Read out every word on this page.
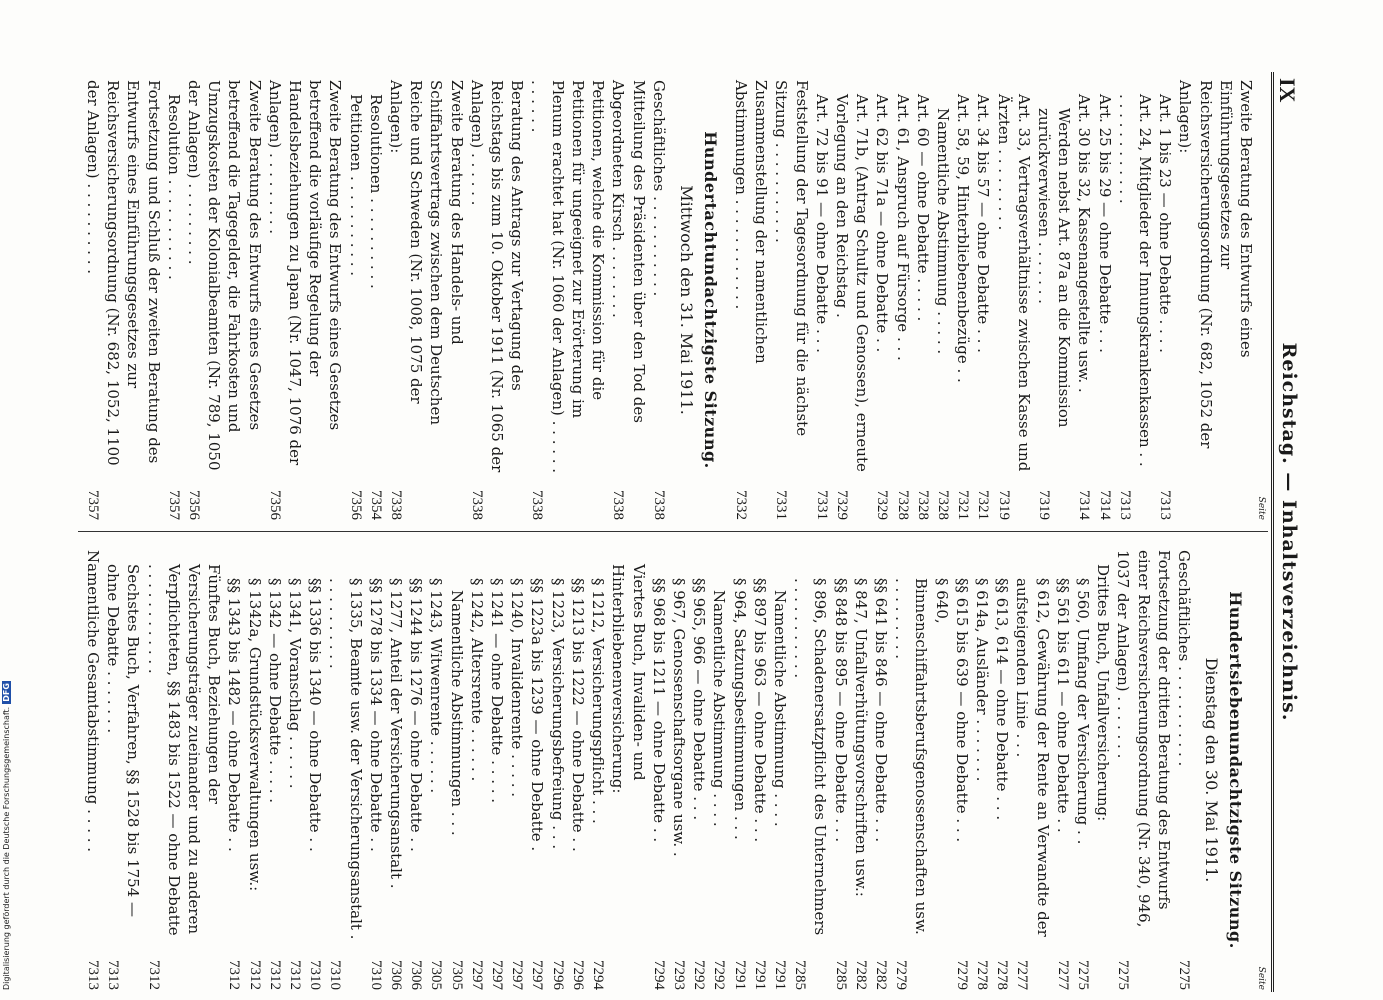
IX
Reichstag. — Inhaltsverzeichnis.
Seite
Zweite Beratung des Entwurfs eines Einführungsgesetzes zur Reichsversicherungsordnung (Nr. 682, 1052 der Anlagen):
Art. 1 bis 23 — ohne Debatte . . . .
7313
Art. 24, Mitglieder der Innungskrankenkassen . . . . . . . . . . . . . .
7313
Art. 25 bis 29 — ohne Debatte . . .
7314
Art. 30 bis 32, Kassenangestellte usw. .
7314
Werden nebst Art. 87a an die Kommission zurückverwiesen . . . . . . .
7319
Art. 33, Vertragsverhältnisse zwischen Kasse und Ärzten . . . . . . . . .
7319
Art. 34 bis 57 — ohne Debatte . . .
7321
Art. 58, 59, Hinterbliebenenbezüge . .
7321
Namentliche Abstimmung . . . . .
7328
Art. 60 — ohne Debatte . . . . .
7328
Art. 61, Anspruch auf Fürsorge . . .
7328
Art. 62 bis 71a — ohne Debatte . .
7329
Art. 71b, (Antrag Schultz und Genossen), erneute Vorlegung an den Reichstag .
7329
Art. 72 bis 91 — ohne Debatte . . .
7331
Feststellung der Tagesordnung für die nächste Sitzung . . . . . . . . . . .
7331
Zusammenstellung der namentlichen Abstimmungen . . . . . . . . . . . .
7332
Hundertachtundachtzigste Sitzung.
Mittwoch den 31. Mai 1911.
Geschäftliches . . . . . . . . . . .
7338
Mitteilung des Präsidenten über den Tod des Abgeordneten Kirsch . . . . . . . .
7338
Petitionen, welche die Kommission für die Petitionen für ungeeignet zur Erörterung im Plenum erachtet hat (Nr. 1060 der Anlagen) . . . . . . . . . . . .
7338
Beratung des Antrags zur Vertagung des Reichstags bis zum 10. Oktober 1911 (Nr. 1065 der Anlagen) . . . . . .
7338
Zweite Beratung des Handels- und Schiffahrtsvertrags zwischen dem Deutschen Reiche und Schweden (Nr. 1008, 1075 der Anlagen):
7338
Resolutionen . . . . . . . . . .
7354
Petitionen . . . . . . . . . . .
7356
Zweite Beratung des Entwurfs eines Gesetzes betreffend die vorläufige Regelung der Handelsbeziehungen zu Japan (Nr. 1047, 1076 der Anlagen) . . . . . . . . .
7356
Zweite Beratung des Entwurfs eines Gesetzes betreffend die Tagegelder, die Fahrkosten und Umzugskosten der Kolonialbeamten (Nr. 789, 1050 der Anlagen) . . . . . . . . .
7356
Resolution . . . . . . . . . . .
7357
Fortsetzung und Schluß der zweiten Beratung des Entwurfs eines Einführungsgesetzes zur Reichsversicherungsordnung (Nr. 682, 1052, 1100 der Anlagen) . . . . . . . . . .
7357
Seite
Hundertsiebenundachtzigste Sitzung.
Dienstag den 30. Mai 1911.
Geschäftliches . . . . . . . . . . .
7275
Fortsetzung der dritten Beratung des Entwurfs einer Reichsversicherungsordnung (Nr. 340, 946, 1037 der Anlagen) . . . . . . .
7275
Drittes Buch, Unfallversicherung:
§ 560, Umfang der Versicherung . .
7275
§§ 561 bis 611 — ohne Debatte . .
7277
§ 612, Gewährung der Rente an Verwandte der aufsteigenden Linie . . .
7277
§§ 613, 614 — ohne Debatte . . .
7278
§ 614a, Ausländer . . . . . . .
7278
§§ 615 bis 639 — ohne Debatte . . .
7279
§ 640, Binnenschiffahrtsberufsgenossenschaften usw. . . . . . . . . .
7279
§§ 641 bis 846 — ohne Debatte . . .
7282
§ 847, Unfallverhütungsvorschriften usw.:
7282
§§ 848 bis 895 — ohne Debatte . . .
7285
§ 896, Schadenersatzpflicht des Unternehmers . . . . . . . . . . .
7285
Namentliche Abstimmung . . . .
7291
§§ 897 bis 963 — ohne Debatte . . .
7291
§ 964, Satzungsbestimmungen . . .
7291
Namentliche Abstimmung . . . .
7292
§§ 965, 966 — ohne Debatte . . .
7292
§ 967, Genossenschaftsorgane usw. .
7293
§§ 968 bis 1211 — ohne Debatte . .
7294
Viertes Buch, Invaliden- und Hinterbliebenenversicherung:
§ 1212, Versicherungspflicht . . .
7294
§§ 1213 bis 1222 — ohne Debatte . .
7296
§ 1223, Versicherungsbefreiung . . .
7296
§§ 1223a bis 1239 — ohne Debatte .
7297
§ 1240, Invalidenrente . . . . .
7297
§ 1241 — ohne Debatte . . . . .
7297
§ 1242, Altersrente . . . . . .
7297
Namentliche Abstimmungen . . .
7305
§ 1243, Witwenrente . . . . . .
7305
§§ 1244 bis 1276 — ohne Debatte . .
7306
§ 1277, Anteil der Versicherungsanstalt .
7306
§§ 1278 bis 1334 — ohne Debatte . .
7310
§ 1335, Beamte usw. der Versicherungsanstalt . . . . . . . . . . .
7310
§§ 1336 bis 1340 — ohne Debatte . .
7310
§ 1341, Voranschlag . . . . . .
7312
§ 1342 — ohne Debatte . . . . .
7312
§ 1342a, Grundstücksverwaltungen usw.:
7312
§§ 1343 bis 1482 — ohne Debatte . .
7312
Fünftes Buch, Beziehungen der Versicherungsträger zueinander und zu anderen Verpflichteten, §§ 1483 bis 1522 — ohne Debatte . . . . . . . . . . . .
7312
Sechstes Buch, Verfahren, §§ 1528 bis 1754 — ohne Debatte . . . . . . .
7313
Namentliche Gesamtabstimmung . . . . .
7313
Digitalisierung gefördert durch die Deutsche Forschungsgemeinschaft.DFG
